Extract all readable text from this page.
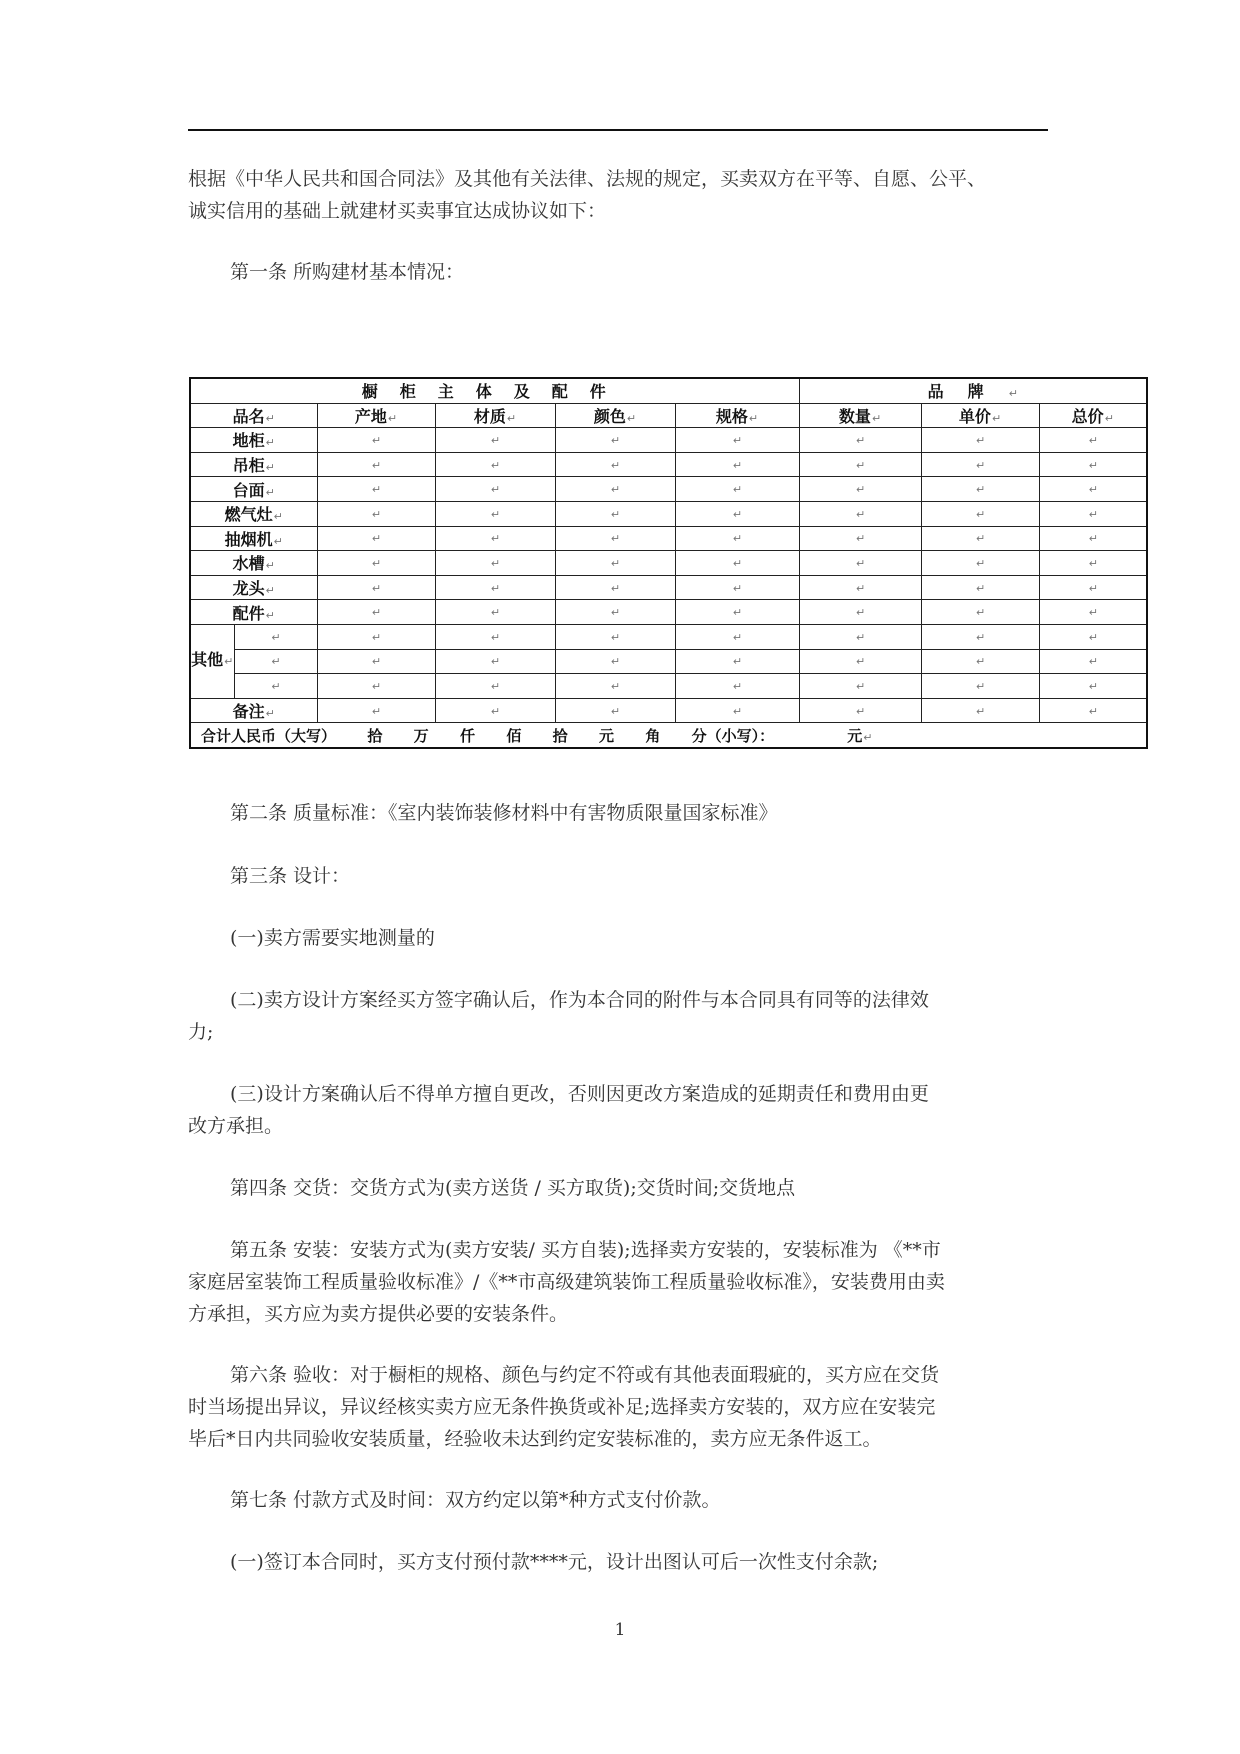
根据《中华人民共和国合同法》及其他有关法律、法规的规定，买卖双方在平等、自愿、公平、
诚实信用的基础上就建材买卖事宜达成协议如下：

第一条 所购建材基本情况：

橱柜主体及配件						品牌↵		
品名↵		产地↵	材质↵	颜色↵	规格↵	数量↵	单价↵	总价↵
地柜↵		↵	↵	↵	↵	↵	↵	↵
吊柜↵		↵	↵	↵	↵	↵	↵	↵
台面↵		↵	↵	↵	↵	↵	↵	↵
燃气灶↵		↵	↵	↵	↵	↵	↵	↵
抽烟机↵		↵	↵	↵	↵	↵	↵	↵
水槽↵		↵	↵	↵	↵	↵	↵	↵
龙头↵		↵	↵	↵	↵	↵	↵	↵
配件↵		↵	↵	↵	↵	↵	↵	↵
其他↵	↵	↵	↵	↵	↵	↵	↵	↵
	↵	↵	↵	↵	↵	↵	↵	↵
	↵	↵	↵	↵	↵	↵	↵	↵
备注↵		↵	↵	↵	↵	↵	↵	↵
合计人民币（大写）      拾      万      仟      佰      拾      元      角      分（小写）：              元↵								

第二条 质量标准：《室内装饰装修材料中有害物质限量国家标准》

第三条 设计：

(一)卖方需要实地测量的

(二)卖方设计方案经买方签字确认后，作为本合同的附件与本合同具有同等的法律效
力;

(三)设计方案确认后不得单方擅自更改，否则因更改方案造成的延期责任和费用由更
改方承担。

第四条 交货：交货方式为(卖方送货 / 买方取货);交货时间;交货地点

第五条 安装：安装方式为(卖方安装/ 买方自装);选择卖方安装的，安装标准为 《**市
家庭居室装饰工程质量验收标准》/《**市高级建筑装饰工程质量验收标准》，安装费用由卖
方承担，买方应为卖方提供必要的安装条件。

第六条 验收：对于橱柜的规格、颜色与约定不符或有其他表面瑕疵的，买方应在交货
时当场提出异议，异议经核实卖方应无条件换货或补足;选择卖方安装的，双方应在安装完
毕后*日内共同验收安装质量，经验收未达到约定安装标准的，卖方应无条件返工。

第七条 付款方式及时间：双方约定以第*种方式支付价款。

(一)签订本合同时，买方支付预付款****元，设计出图认可后一次性支付余款;

1
